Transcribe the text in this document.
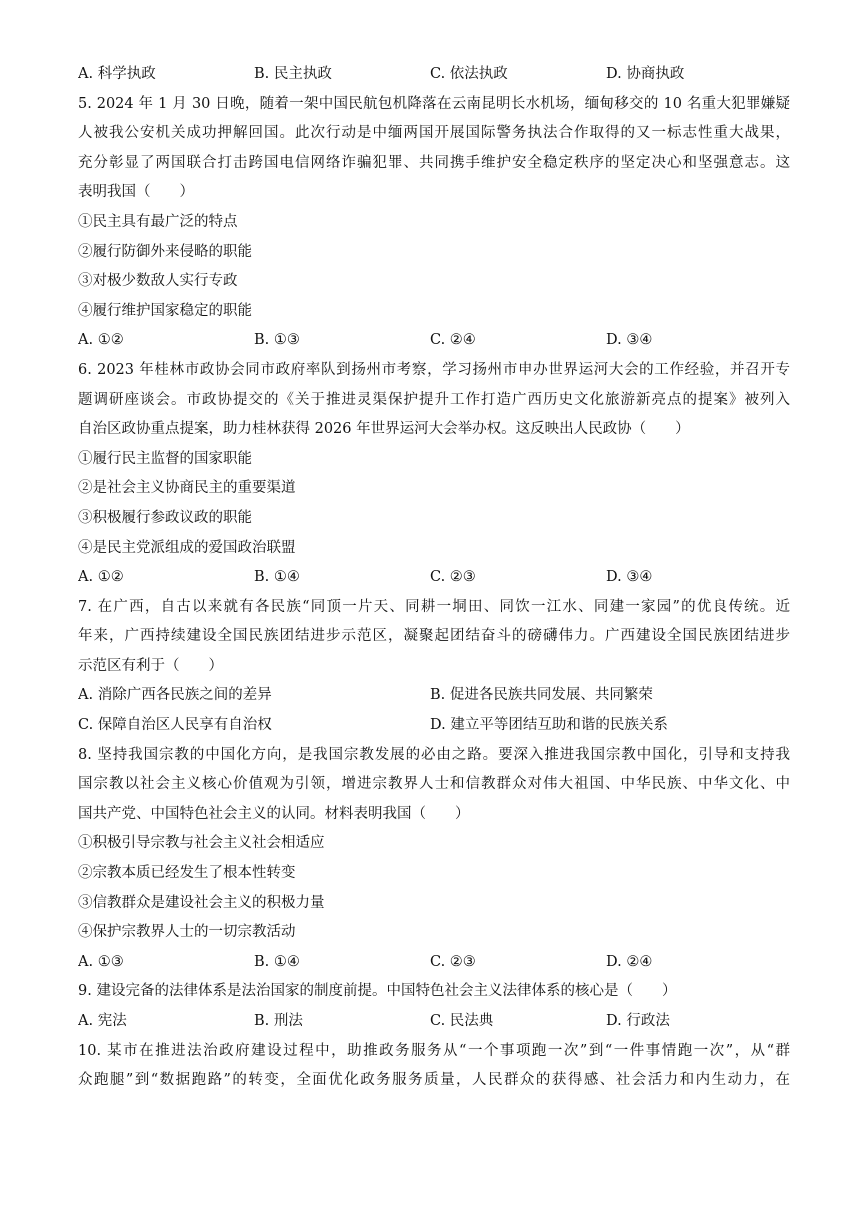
A. 科学执政	B. 民主执政	C. 依法执政	D. 协商执政
5. 2024 年 1 月 30 日晚，随着一架中国民航包机降落在云南昆明长水机场，缅甸移交的 10 名重大犯罪嫌疑
人被我公安机关成功押解回国。此次行动是中缅两国开展国际警务执法合作取得的又一标志性重大战果，
充分彰显了两国联合打击跨国电信网络诈骗犯罪、共同携手维护安全稳定秩序的坚定决心和坚强意志。这
表明我国（　　）
①民主具有最广泛的特点
②履行防御外来侵略的职能
③对极少数敌人实行专政
④履行维护国家稳定的职能
A. ①②	B. ①③	C. ②④	D. ③④
6. 2023 年桂林市政协会同市政府率队到扬州市考察，学习扬州市申办世界运河大会的工作经验，并召开专
题调研座谈会。市政协提交的《关于推进灵渠保护提升工作打造广西历史文化旅游新亮点的提案》被列入
自治区政协重点提案，助力桂林获得 2026 年世界运河大会举办权。这反映出人民政协（　　）
①履行民主监督的国家职能
②是社会主义协商民主的重要渠道
③积极履行参政议政的职能
④是民主党派组成的爱国政治联盟
A. ①②	B. ①④	C. ②③	D. ③④
7. 在广西，自古以来就有各民族“同顶一片天、同耕一垌田、同饮一江水、同建一家园”的优良传统。近
年来，广西持续建设全国民族团结进步示范区，凝聚起团结奋斗的磅礴伟力。广西建设全国民族团结进步
示范区有利于（　　）
A. 消除广西各民族之间的差异	B. 促进各民族共同发展、共同繁荣
C. 保障自治区人民享有自治权	D. 建立平等团结互助和谐的民族关系
8. 坚持我国宗教的中国化方向，是我国宗教发展的必由之路。要深入推进我国宗教中国化，引导和支持我
国宗教以社会主义核心价值观为引领，增进宗教界人士和信教群众对伟大祖国、中华民族、中华文化、中
国共产党、中国特色社会主义的认同。材料表明我国（　　）
①积极引导宗教与社会主义社会相适应
②宗教本质已经发生了根本性转变
③信教群众是建设社会主义的积极力量
④保护宗教界人士的一切宗教活动
A. ①③	B. ①④	C. ②③	D. ②④
9. 建设完备的法律体系是法治国家的制度前提。中国特色社会主义法律体系的核心是（　　）
A. 宪法	B. 刑法	C. 民法典	D. 行政法
10. 某市在推进法治政府建设过程中，助推政务服务从“一个事项跑一次”到“一件事情跑一次”，从“群
众跑腿”到“数据跑路”的转变，全面优化政务服务质量，人民群众的获得感、社会活力和内生动力，在
